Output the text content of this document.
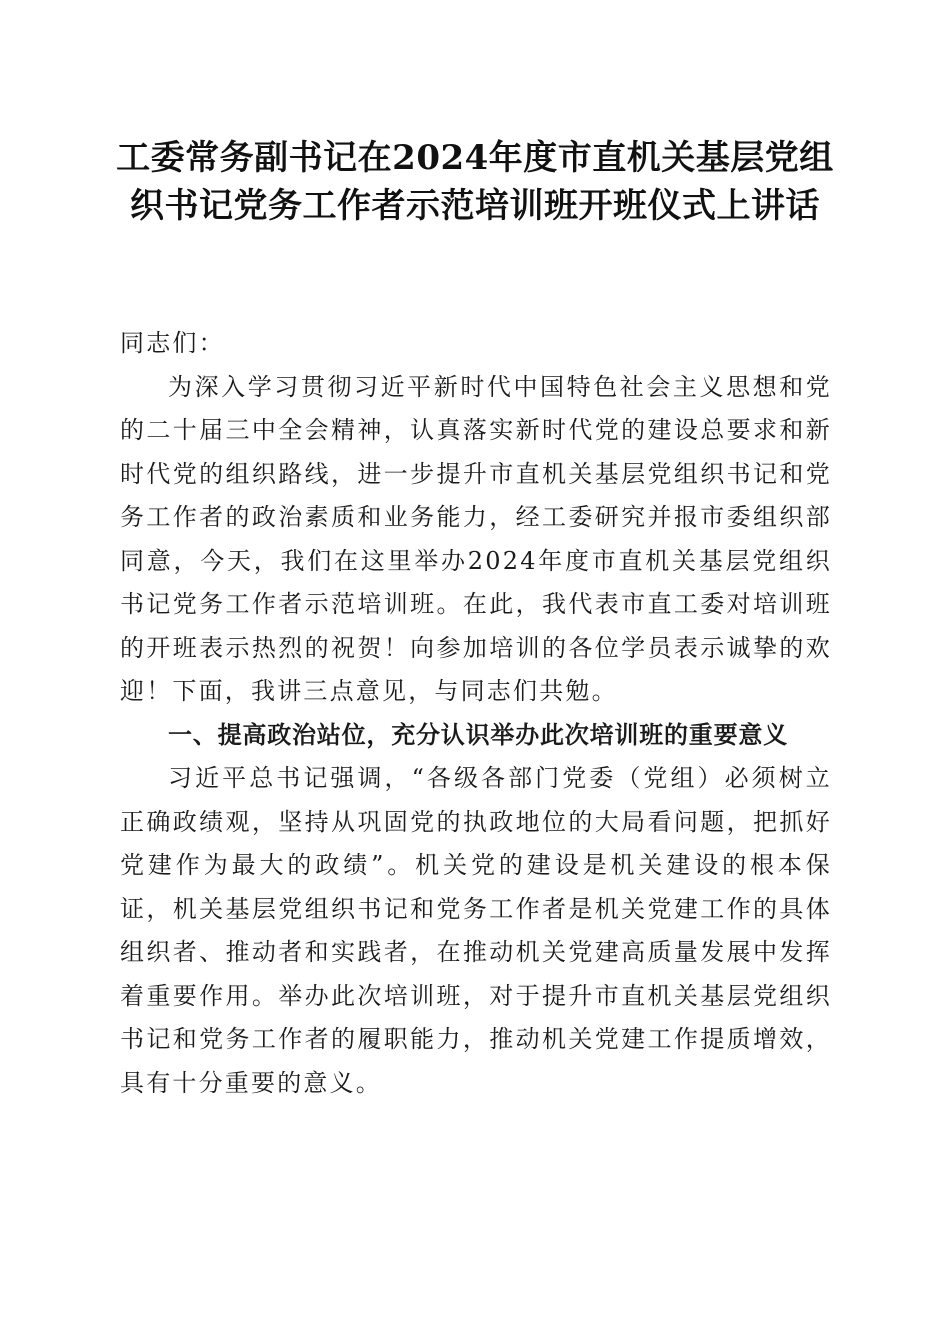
工委常务副书记在2024年度市直机关基层党组织书记党务工作者示范培训班开班仪式上讲话

同志们：

为深入学习贯彻习近平新时代中国特色社会主义思想和党的二十届三中全会精神，认真落实新时代党的建设总要求和新时代党的组织路线，进一步提升市直机关基层党组织书记和党务工作者的政治素质和业务能力，经工委研究并报市委组织部同意，今天，我们在这里举办2024年度市直机关基层党组织书记党务工作者示范培训班。在此，我代表市直工委对培训班的开班表示热烈的祝贺！向参加培训的各位学员表示诚挚的欢迎！下面，我讲三点意见，与同志们共勉。

一、提高政治站位，充分认识举办此次培训班的重要意义

习近平总书记强调，“各级各部门党委（党组）必须树立正确政绩观，坚持从巩固党的执政地位的大局看问题，把抓好党建作为最大的政绩”。机关党的建设是机关建设的根本保证，机关基层党组织书记和党务工作者是机关党建工作的具体组织者、推动者和实践者，在推动机关党建高质量发展中发挥着重要作用。举办此次培训班，对于提升市直机关基层党组织书记和党务工作者的履职能力，推动机关党建工作提质增效，具有十分重要的意义。
